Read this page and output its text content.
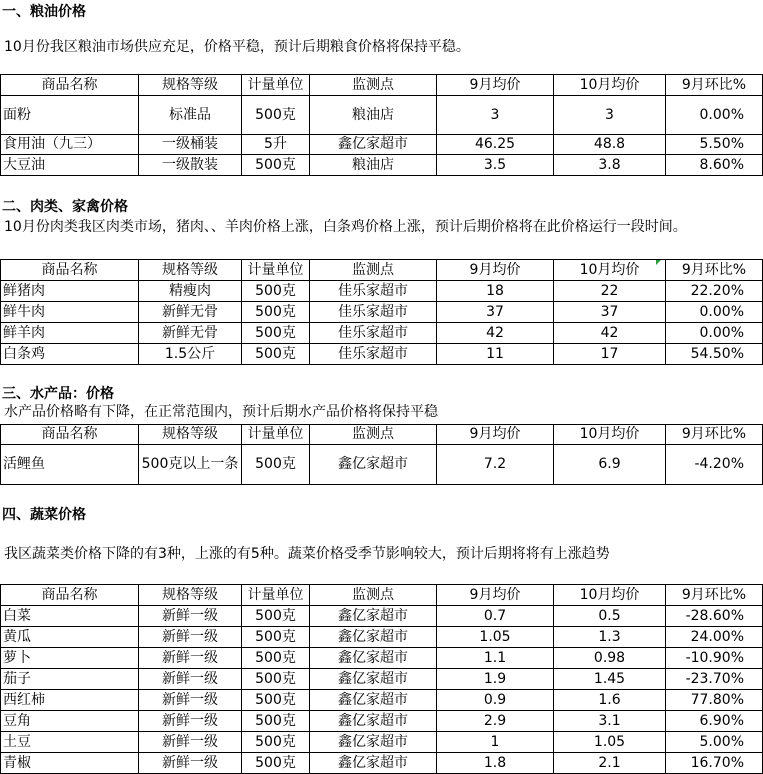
一、粮油价格
10月份我区粮油市场供应充足，价格平稳，预计后期粮食价格将保持平稳。
商品名称	规格等级	计量单位	监测点	9月均价	10月均价	9月环比%
面粉	标准品	500克	粮油店	3	3	0.00%
食用油（九三）	一级桶装	5升	鑫亿家超市	46.25	48.8	5.50%
大豆油	一级散装	500克	粮油店	3.5	3.8	8.60%
二、肉类、家禽价格
10月份肉类我区肉类市场，猪肉、、羊肉价格上涨，白条鸡价格上涨，预计后期价格将在此价格运行一段时间。
商品名称	规格等级	计量单位	监测点	9月均价	10月均价	9月环比%
鲜猪肉	精瘦肉	500克	佳乐家超市	18	22	22.20%
鲜牛肉	新鲜无骨	500克	佳乐家超市	37	37	0.00%
鲜羊肉	新鲜无骨	500克	佳乐家超市	42	42	0.00%
白条鸡	1.5公斤	500克	佳乐家超市	11	17	54.50%
三、水产品：价格
水产品价格略有下降，在正常范围内，预计后期水产品价格将保持平稳
商品名称	规格等级	计量单位	监测点	9月均价	10月均价	9月环比%
活鲤鱼	500克以上一条	500克	鑫亿家超市	7.2	6.9	-4.20%
四、蔬菜价格
我区蔬菜类价格下降的有3种，上涨的有5种。蔬菜价格受季节影响较大，预计后期将将有上涨趋势
商品名称	规格等级	计量单位	监测点	9月均价	10月均价	9月环比%
白菜	新鲜一级	500克	鑫亿家超市	0.7	0.5	-28.60%
黄瓜	新鲜一级	500克	鑫亿家超市	1.05	1.3	24.00%
萝卜	新鲜一级	500克	鑫亿家超市	1.1	0.98	-10.90%
茄子	新鲜一级	500克	鑫亿家超市	1.9	1.45	-23.70%
西红柿	新鲜一级	500克	鑫亿家超市	0.9	1.6	77.80%
豆角	新鲜一级	500克	鑫亿家超市	2.9	3.1	6.90%
土豆	新鲜一级	500克	鑫亿家超市	1	1.05	5.00%
青椒	新鲜一级	500克	鑫亿家超市	1.8	2.1	16.70%
